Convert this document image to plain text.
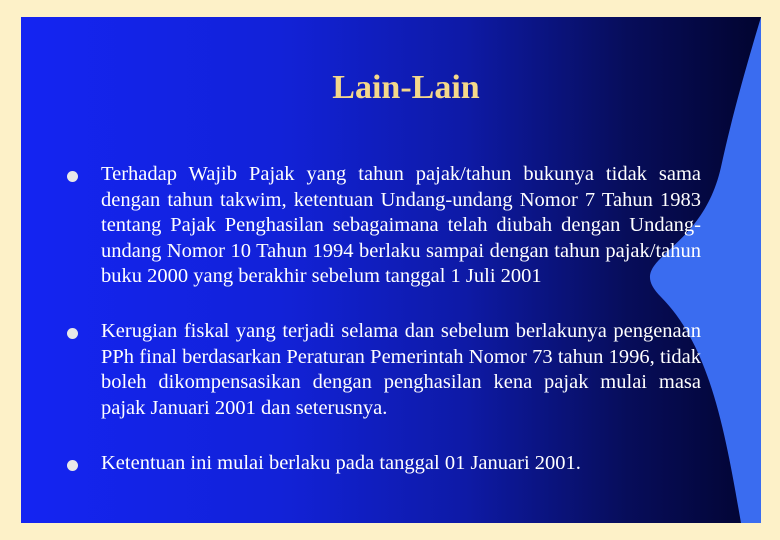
Lain-Lain

Terhadap Wajib Pajak yang tahun pajak/tahun bukunya tidak sama dengan tahun takwim, ketentuan Undang-undang Nomor 7 Tahun 1983 tentang Pajak Penghasilan sebagaimana telah diubah dengan Undang-undang Nomor 10 Tahun 1994 berlaku sampai dengan tahun pajak/tahun buku 2000 yang berakhir sebelum tanggal 1 Juli 2001

Kerugian fiskal yang terjadi selama dan sebelum berlakunya pengenaan PPh final berdasarkan Peraturan Pemerintah Nomor 73 tahun 1996, tidak boleh dikompensasikan dengan penghasilan kena pajak mulai masa pajak Januari 2001 dan seterusnya.

Ketentuan ini mulai berlaku pada tanggal 01 Januari 2001.
